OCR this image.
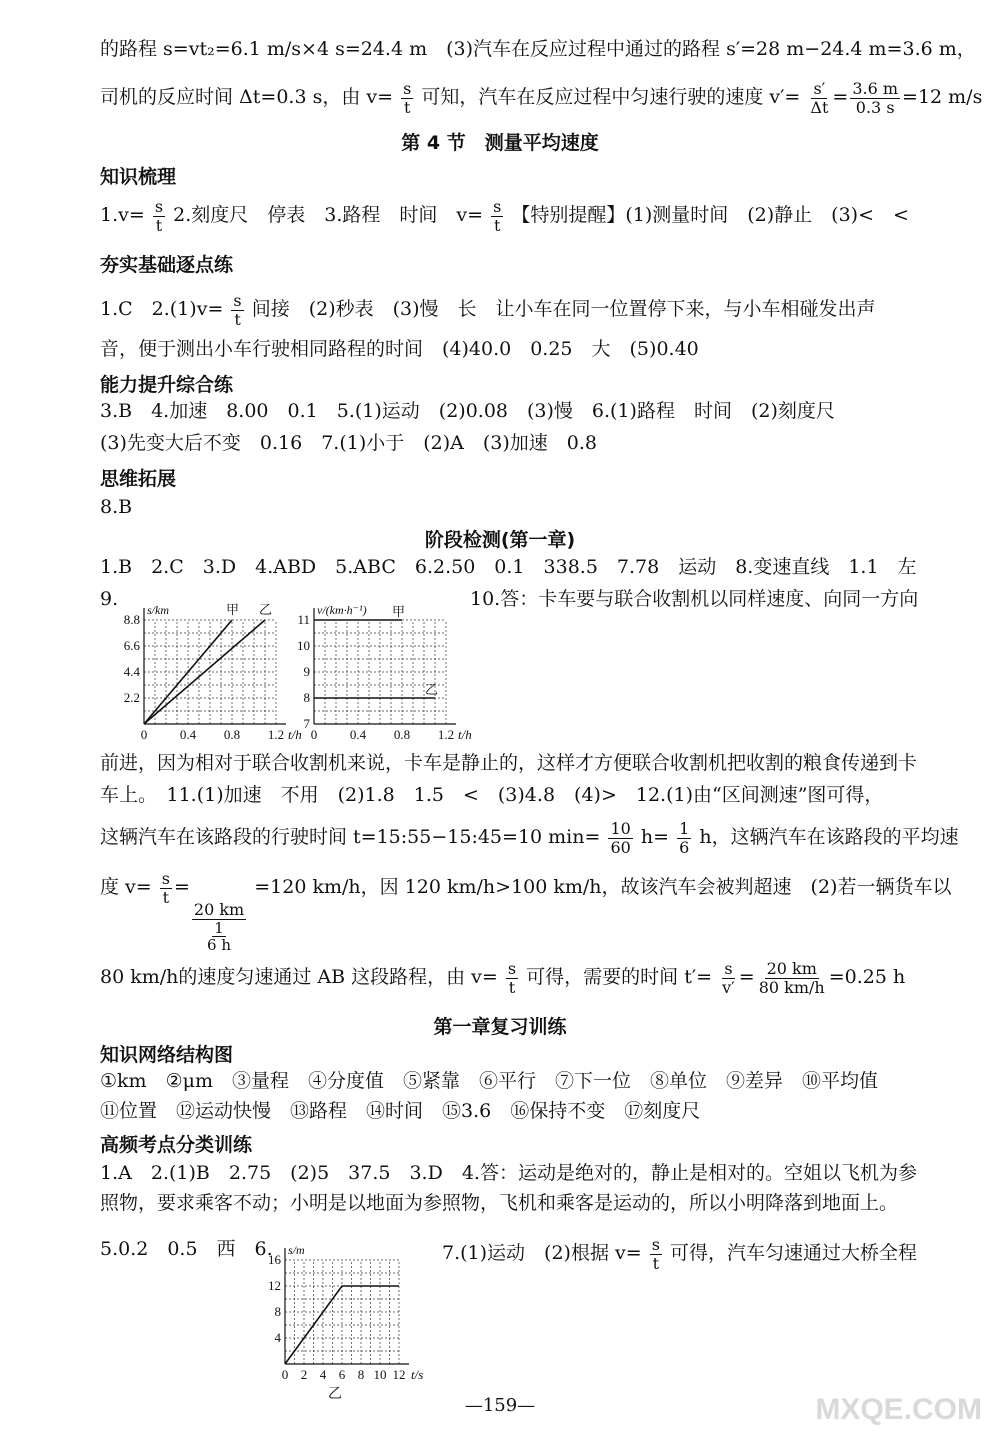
的路程 s=vt₂=6.1 m/s×4 s=24.4 m　(3)汽车在反应过程中通过的路程 s′=28 m−24.4 m=3.6 m，
司机的反应时间 Δt=0.3 s，由 $v= \frac{s}{t}$ 可知，汽车在反应过程中匀速行驶的速度 $v'= \frac{s'}{\Delta t} = \frac{3.6 m}{0.3 s} =12$ m/s
第 4 节　测量平均速度
知识梳理
$1.v= \frac{s}{t} 2$.刻度尺　停表　3.路程　时间　$v= \frac{s}{t}$ 【特别提醒】(1)测量时间　(2)静止　(3)<　<
夯实基础逐点练
1.C　$2.(1)v= \frac{s}{t}$ 间接　(2)秒表　(3)慢　长　让小车在同一位置停下来，与小车相碰发出声
音，便于测出小车行驶相同路程的时间　(4)40.0　0.25　大　(5)0.40
能力提升综合练
3.B　4.加速　8.00　0.1　5.(1)运动　(2)0.08　(3)慢　6.(1)路程　时间　(2)刻度尺
(3)先变大后不变　0.16　7.(1)小于　(2)A　(3)加速　0.8
思维拓展
8.B
阶段检测(第一章)
1.B　2.C　3.D　4.ABD　5.ABC　6.2.50　0.1　338.5　7.78　运动　8.变速直线　1.1　左
9.
0	0.4 0.8 1.2
2.2
4.4
6.6
8.8
t/h
s/km	甲 乙
0	0.4 0.8 1.2
7
8
9
10
11
t/h
v/(km·h⁻¹) 甲
乙
10.答：卡车要与联合收割机以同样速度、向同一方向
前进，因为相对于联合收割机来说，卡车是静止的，这样才方便联合收割机把收割的粮食传递到卡
车上。　11.(1)加速　不用　(2)1.8　1.5　<　(3)4.8　(4)>　12.(1)由“区间测速”图可得，
这辆汽车在该路段的行驶时间 t=15:55−15:45=10 $\min= \frac{10}{60} h= \frac{1}{6}$ h，这辆汽车在该路段的平均速
度 $v= \frac{s}{t}$ =
$\frac{20 km}{\frac{1}{6 h}}$
=120 km/h，因 120 km/h>100 km/h，故该汽车会被判超速　(2)若一辆货车以
80 km/h的速度匀速通过 AB 这段路程，由 $v= \frac{s}{t}$ 可得，需要的时间 $t'= \frac{s}{v'} = \frac{20 km}{80 km/h} =0.25$ h
第一章复习训练
知识网络结构图
①km　②μm　③量程　④分度值　⑤紧靠　⑥平行　⑦下一位　⑧单位　⑨差异　⑩平均值
⑪位置　⑫运动快慢　⑬路程　⑭时间　⑮3.6　⑯保持不变　⑰刻度尺
高频考点分类训练
1.A　2.(1)B　2.75　(2)5　37.5　3.D　4.答：运动是绝对的，静止是相对的。空姐以飞机为参
照物，要求乘客不动；小明是以地面为参照物，飞机和乘客是运动的，所以小明降落到地面上。
5.0.2　0.5　西　6.
0 2 4 6 8 10 12
4
8
12
16
t/s
s/m
乙
7.(1)运动　(2)根据 $v= \frac{s}{t}$ 可得，汽车匀速通过大桥全程
—159—	MXQE.COM
